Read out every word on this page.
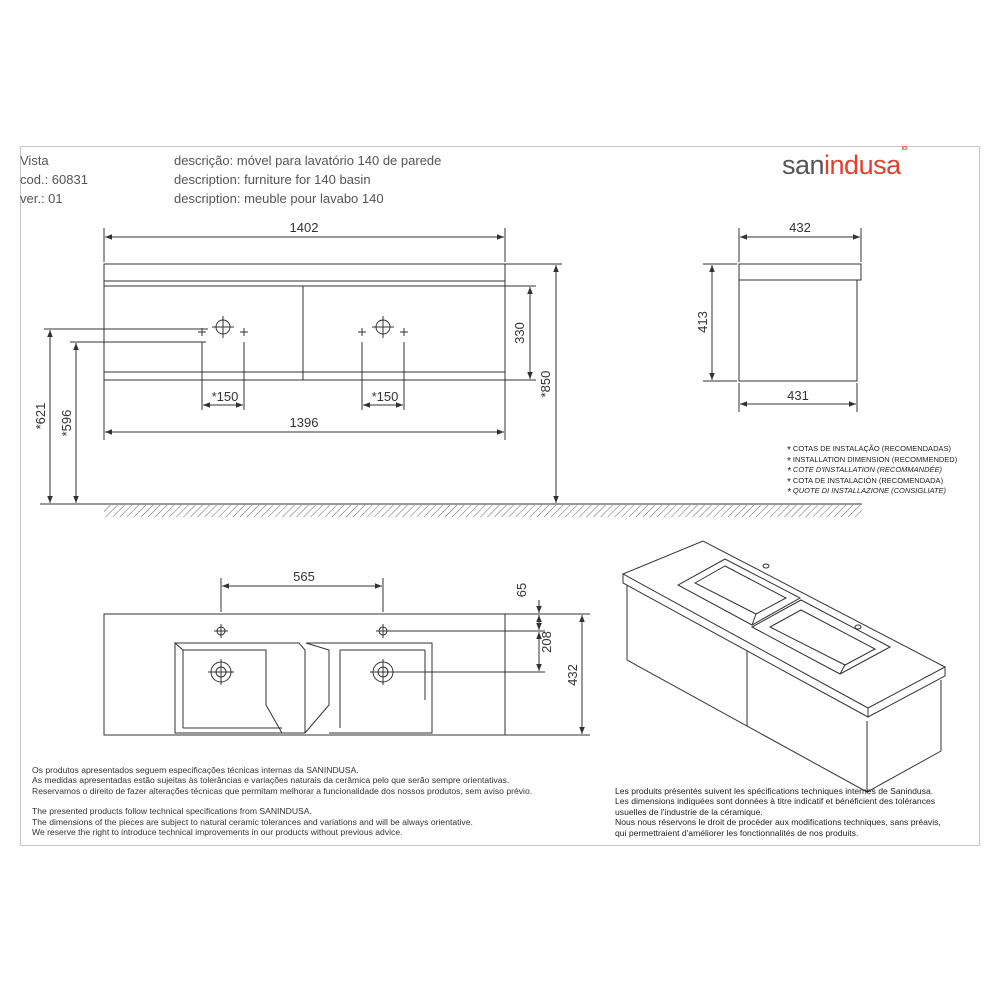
Vista
cod.: 60831
ver.: 01
descrição: móvel para lavatório 140 de parede
description: furniture for 140 basin
description: meuble pour lavabo 140
sanindusa$^{ioi}$
1402
1396
*150	*150
330
*850
*621 *596
432
431
413
565
65
208
432
* COTAS DE INSTALAÇÃO (RECOMENDADAS)
* INSTALLATION DIMENSION (RECOMMENDED)
* COTE D'INSTALLATION (RECOMMANDÉE)
* COTA DE INSTALACIÓN (RECOMENDADA)
* QUOTE DI INSTALLAZIONE (CONSIGLIATE)
Os produtos apresentados seguem especificações técnicas internas da SANINDUSA.
As medidas apresentadas estão sujeitas às tolerâncias e variações naturais da cerâmica pelo que serão sempre orientativas.
Reservamos o direito de fazer alterações técnicas que permitam melhorar a funcionalidade dos nossos produtos, sem aviso prévio.
The presented products follow technical specifications from SANINDUSA.
The dimensions of the pieces are subject to natural ceramic tolerances and variations and will be always orientative.
We reserve the right to introduce technical improvements in our products without previous advice.
Les produits présentés suivent les spécifications techniques internes de Sanindusa.
Les dimensions indiquées sont données à titre indicatif et bénéficient des tolérances
usuelles de l'industrie de la céramique.
Nous nous réservons le droit de procéder aux modifications techniques, sans préavis,
qui permettraient d'améliorer les fonctionnalités de nos produits.
